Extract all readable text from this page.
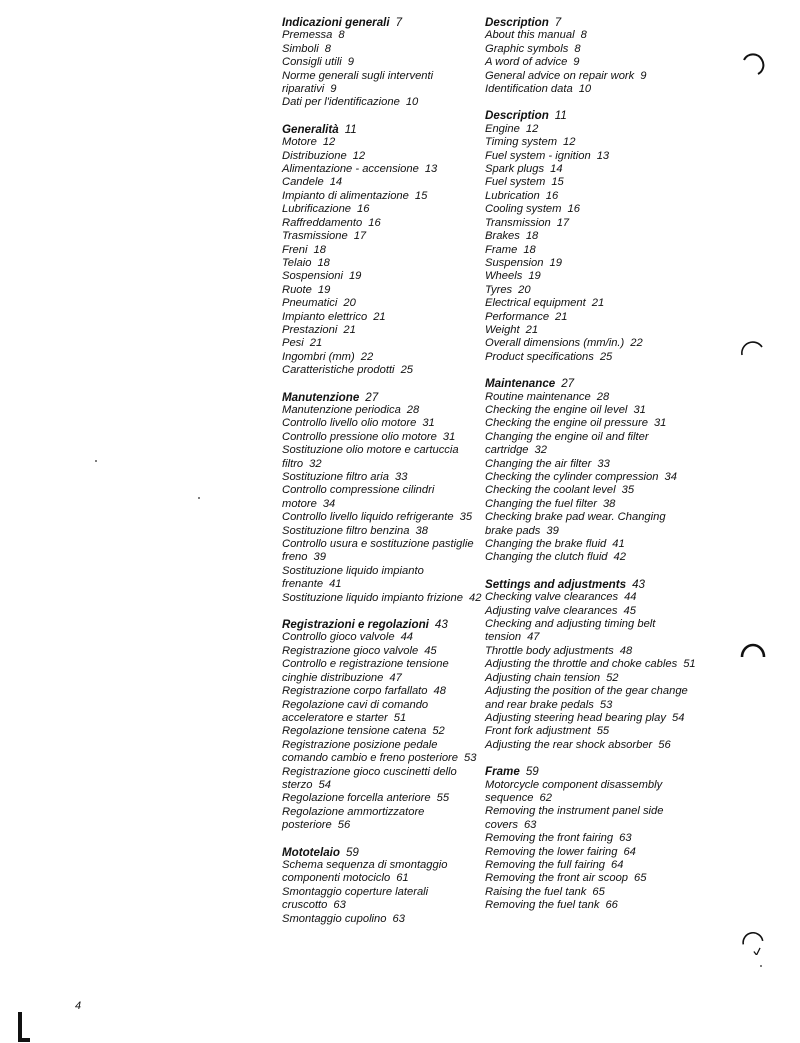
Indicazioni generali 7
Premessa 8
Simboli 8
Consigli utili 9
Norme generali sugli interventi riparativi 9
Dati per l'identificazione 10
Generalità 11
Motore 12
Distribuzione 12
Alimentazione - accensione 13
Candele 14
Impianto di alimentazione 15
Lubrificazione 16
Raffreddamento 16
Trasmissione 17
Freni 18
Telaio 18
Sospensioni 19
Ruote 19
Pneumatici 20
Impianto elettrico 21
Prestazioni 21
Pesi 21
Ingombri (mm) 22
Caratteristiche prodotti 25
Manutenzione 27
Manutenzione periodica 28
Controllo livello olio motore 31
Controllo pressione olio motore 31
Sostituzione olio motore e cartuccia filtro 32
Sostituzione filtro aria 33
Controllo compressione cilindri motore 34
Controllo livello liquido refrigerante 35
Sostituzione filtro benzina 38
Controllo usura e sostituzione pastiglie freno 39
Sostituzione liquido impianto frenante 41
Sostituzione liquido impianto frizione 42
Registrazioni e regolazioni 43
Controllo gioco valvole 44
Registrazione gioco valvole 45
Controllo e registrazione tensione cinghie distribuzione 47
Registrazione corpo farfallato 48
Regolazione cavi di comando acceleratore e starter 51
Regolazione tensione catena 52
Registrazione posizione pedale comando cambio e freno posteriore 53
Registrazione gioco cuscinetti dello sterzo 54
Regolazione forcella anteriore 55
Regolazione ammortizzatore posteriore 56
Mototelaio 59
Schema sequenza di smontaggio componenti motociclo 61
Smontaggio coperture laterali cruscotto 63
Smontaggio cupolino 63
Description 7
About this manual 8
Graphic symbols 8
A word of advice 9
General advice on repair work 9
Identification data 10
Description 11
Engine 12
Timing system 12
Fuel system - ignition 13
Spark plugs 14
Fuel system 15
Lubrication 16
Cooling system 16
Transmission 17
Brakes 18
Frame 18
Suspension 19
Wheels 19
Tyres 20
Electrical equipment 21
Performance 21
Weight 21
Overall dimensions (mm/in.) 22
Product specifications 25
Maintenance 27
Routine maintenance 28
Checking the engine oil level 31
Checking the engine oil pressure 31
Changing the engine oil and filter cartridge 32
Changing the air filter 33
Checking the cylinder compression 34
Checking the coolant level 35
Changing the fuel filter 38
Checking brake pad wear. Changing brake pads 39
Changing the brake fluid 41
Changing the clutch fluid 42
Settings and adjustments 43
Checking valve clearances 44
Adjusting valve clearances 45
Checking and adjusting timing belt tension 47
Throttle body adjustments 48
Adjusting the throttle and choke cables 51
Adjusting chain tension 52
Adjusting the position of the gear change and rear brake pedals 53
Adjusting steering head bearing play 54
Front fork adjustment 55
Adjusting the rear shock absorber 56
Frame 59
Motorcycle component disassembly sequence 62
Removing the instrument panel side covers 63
Removing the front fairing 63
Removing the lower fairing 64
Removing the full fairing 64
Removing the front air scoop 65
Raising the fuel tank 65
Removing the fuel tank 66
4
